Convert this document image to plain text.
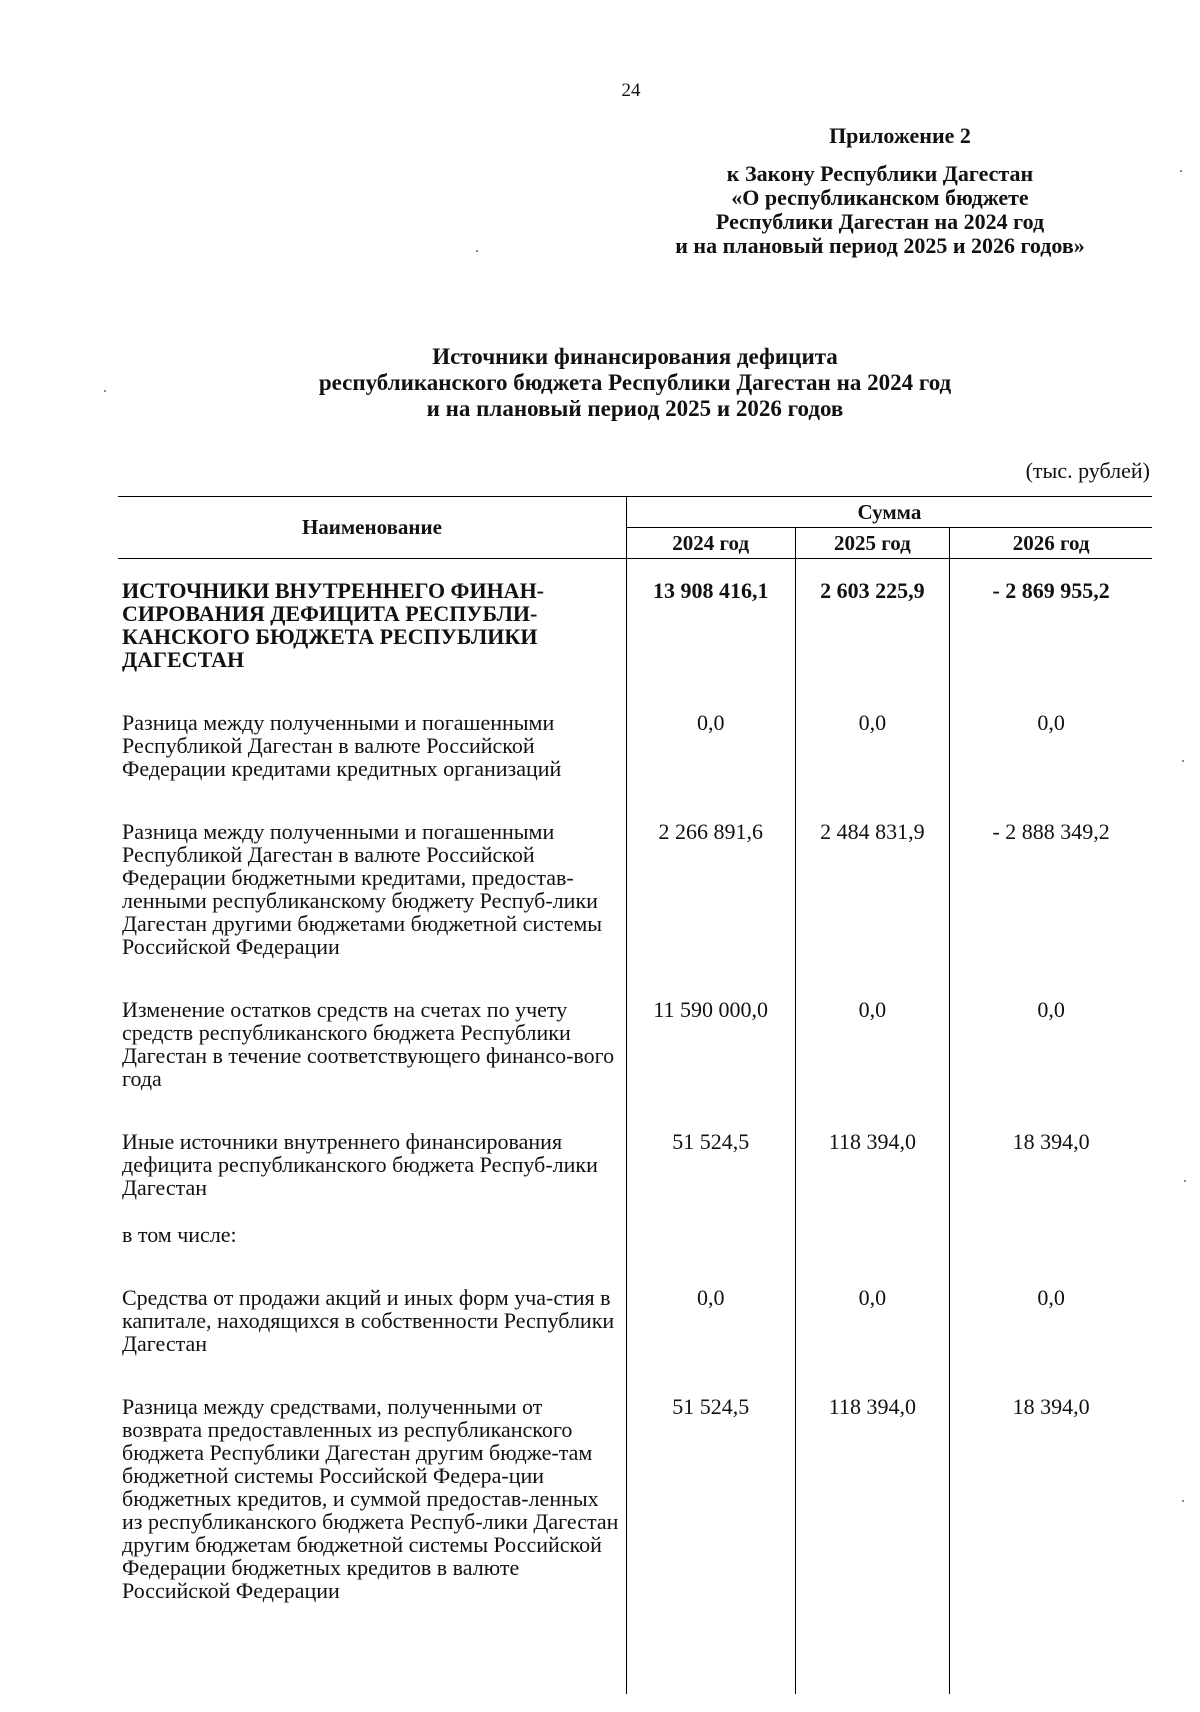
24
Приложение 2
к Закону Республики Дагестан
«О республиканском бюджете
Республики Дагестан на 2024 год
и на плановый период 2025 и 2026 годов»
Источники финансирования дефицита
республиканского бюджета Республики Дагестан на 2024 год
и на плановый период 2025 и 2026 годов
(тыс. рублей)
Наименование	Сумма		
	2024 год	2025 год	2026 год
ИСТОЧНИКИ ВНУТРЕННЕГО ФИНАН-СИРОВАНИЯ ДЕФИЦИТА РЕСПУБЛИ-КАНСКОГО БЮДЖЕТА РЕСПУБЛИКИ ДАГЕСТАН	13 908 416,1	2 603 225,9	- 2 869 955,2
Разница между полученными и погашенными Республикой Дагестан в валюте Российской Федерации кредитами кредитных организаций	0,0	0,0	0,0
Разница между полученными и погашенными Республикой Дагестан в валюте Российской Федерации бюджетными кредитами, предостав-ленными республиканскому бюджету Респуб-лики Дагестан другими бюджетами бюджетной системы Российской Федерации	2 266 891,6	2 484 831,9	- 2 888 349,2
Изменение остатков средств на счетах по учету средств республиканского бюджета Республики Дагестан в течение соответствующего финансо-вого года	11 590 000,0	0,0	0,0
Иные источники внутреннего финансирования дефицита республиканского бюджета Респуб-лики Дагестан	51 524,5	118 394,0	18 394,0
в том числе:			
Средства от продажи акций и иных форм уча-стия в капитале, находящихся в собственности Республики Дагестан	0,0	0,0	0,0
Разница между средствами, полученными от возврата предоставленных из республиканского бюджета Республики Дагестан другим бюдже-там бюджетной системы Российской Федера-ции бюджетных кредитов, и суммой предостав-ленных из республиканского бюджета Респуб-лики Дагестан другим бюджетам бюджетной системы Российской Федерации бюджетных кредитов в валюте Российской Федерации	51 524,5	118 394,0	18 394,0
